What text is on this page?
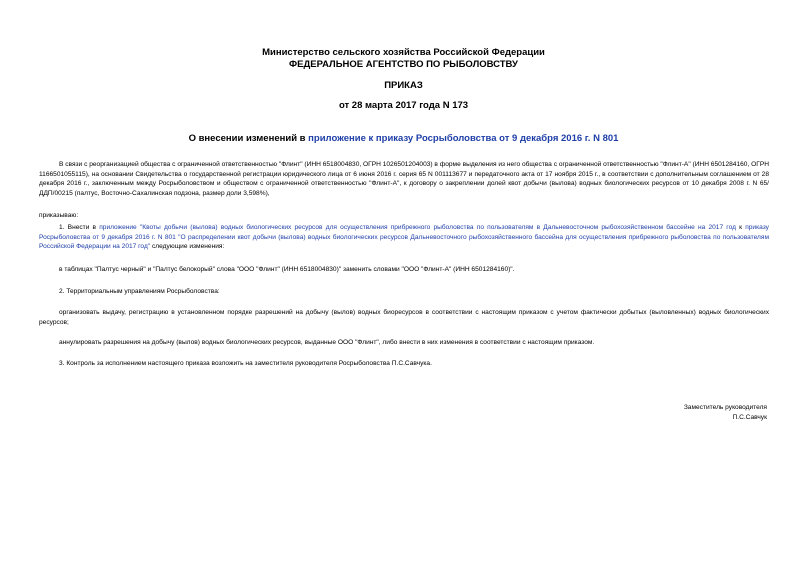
Министерство сельского хозяйства Российской Федерации
ФЕДЕРАЛЬНОЕ АГЕНТСТВО ПО РЫБОЛОВСТВУ
ПРИКАЗ
от 28 марта 2017 года N 173
О внесении изменений в приложение к приказу Росрыболовства от 9 декабря 2016 г. N 801
В связи с реорганизацией общества с ограниченной ответственностью "Флинт" (ИНН 6518004830, ОГРН 1026501204003) в форме выделения из него общества с ограниченной ответственностью "Флинт-А" (ИНН 6501284160, ОГРН 1166501055115), на основании Свидетельства о государственной регистрации юридического лица от 6 июня 2016 г. серия 65 N 001113677 и передаточного акта от 17 ноября 2015 г., в соответствии с дополнительным соглашением от 28 декабря 2016 г., заключенным между Росрыболовством и обществом с ограниченной ответственностью "Флинт-А", к договору о закреплении долей квот добычи (вылова) водных биологических ресурсов от 10 декабря 2008 г. N 65/ДДП/00215 (палтус, Восточно-Сахалинская подзона, размер доли 3,598%),
приказываю:
1. Внести в приложение "Квоты добычи (вылова) водных биологических ресурсов для осуществления прибрежного рыболовства по пользователям в Дальневосточном рыбохозяйственном бассейне на 2017 год к приказу Росрыболовства от 9 декабря 2016 г. N 801 "О распределении квот добычи (вылова) водных биологических ресурсов Дальневосточного рыбохозяйственного бассейна для осуществления прибрежного рыболовства по пользователям Российской Федерации на 2017 год" следующие изменения:
в таблицах "Палтус черный" и "Палтус белокорый" слова "ООО "Флинт" (ИНН 6518004830)" заменить словами "ООО "Флинт-А" (ИНН 6501284160)".
2. Территориальным управлениям Росрыболовства:
организовать выдачу, регистрацию в установленном порядке разрешений на добычу (вылов) водных биоресурсов в соответствии с настоящим приказом с учетом фактически добытых (выловленных) водных биологических ресурсов;
аннулировать разрешения на добычу (вылов) водных биологических ресурсов, выданные ООО "Флинт", либо внести в них изменения в соответствии с настоящим приказом.
3. Контроль за исполнением настоящего приказа возложить на заместителя руководителя Росрыболовства П.С.Савчука.
Заместитель руководителя
П.С.Савчук
